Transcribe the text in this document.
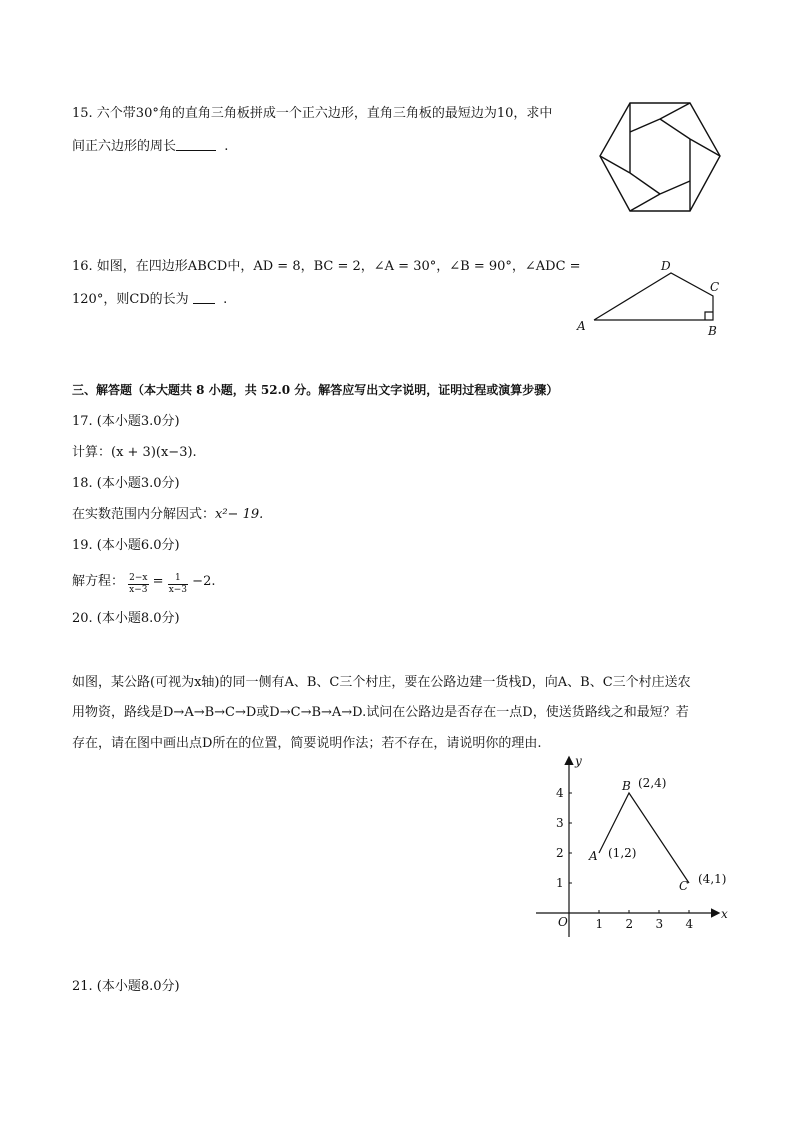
15. 六个带30°角的直角三角板拼成一个正六边形，直角三角板的最短边为10，求中
间正六边形的周长	.
16. 如图，在四边形ABCD中，AD = 8，BC = 2，∠A = 30°，∠B = 90°，∠ADC =
120°，则CD的长为	.
A	B
C
D
三、解答题（本大题共 8 小题，共 52.0 分。解答应写出文字说明，证明过程或演算步骤）
17. (本小题3.0分)
计算：(x + 3)(x−3).
18. (本小题3.0分)
在实数范围内分解因式：x²− 19.
19. (本小题6.0分)
解方程： $\frac{2-x}{x-3} = \frac{1}{x-3} -2$.
20. (本小题8.0分)
如图，某公路(可视为x轴)的同一侧有A、B、C三个村庄，要在公路边建一货栈D，向A、B、C三个村庄送农
用物资，路线是D→A→B→C→D或D→C→B→A→D.试问在公路边是否存在一点D，使送货路线之和最短？若
存在，请在图中画出点D所在的位置，简要说明作法；若不存在，请说明你的理由.
1 2 3 4
1
2
3
4
A (1,2)
B (2,4)
C (4,1)
x
y
O
21. (本小题8.0分)
